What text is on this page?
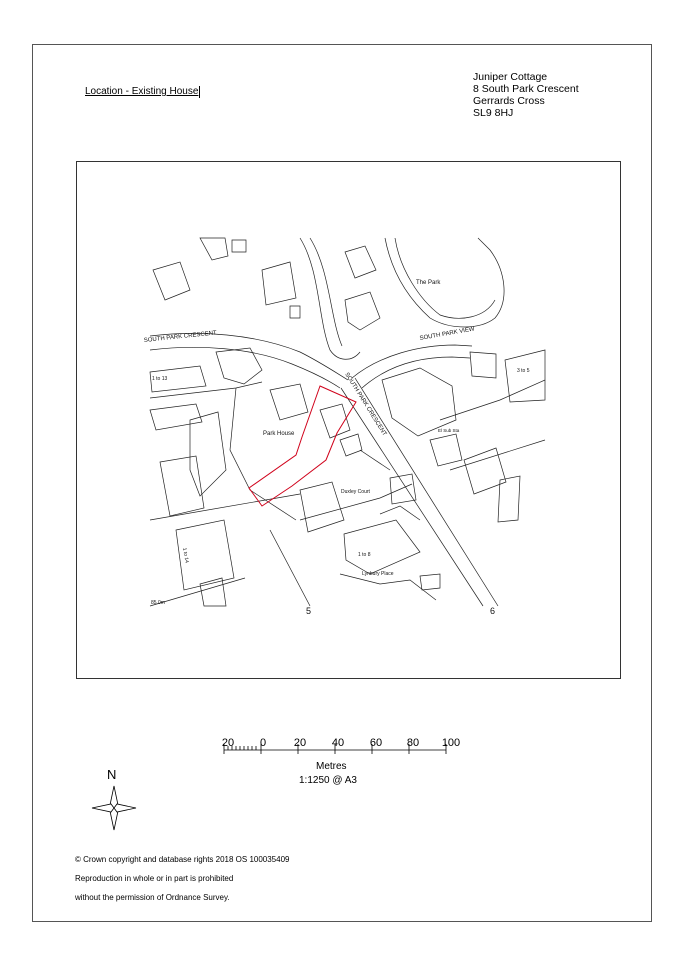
Location - Existing House
Juniper Cottage
8 South Park Crescent
Gerrards Cross
SL9 8HJ
SOUTH PARK CRESCENT
SOUTH PARK CRESCENT
SOUTH PARK VIEW
The Park
Park House
Duxley Court
Lynbury Place
1 to 13
1 to 14	1 to 8
3 to 5
El Sub Sta
85.0m
5	6
20 0	20 40 60 80 100
N
Metres
1:1250 @ A3
© Crown copyright and database rights 2018 OS 100035409
Reproduction in whole or in part is prohibited
without the permission of Ordnance Survey.
